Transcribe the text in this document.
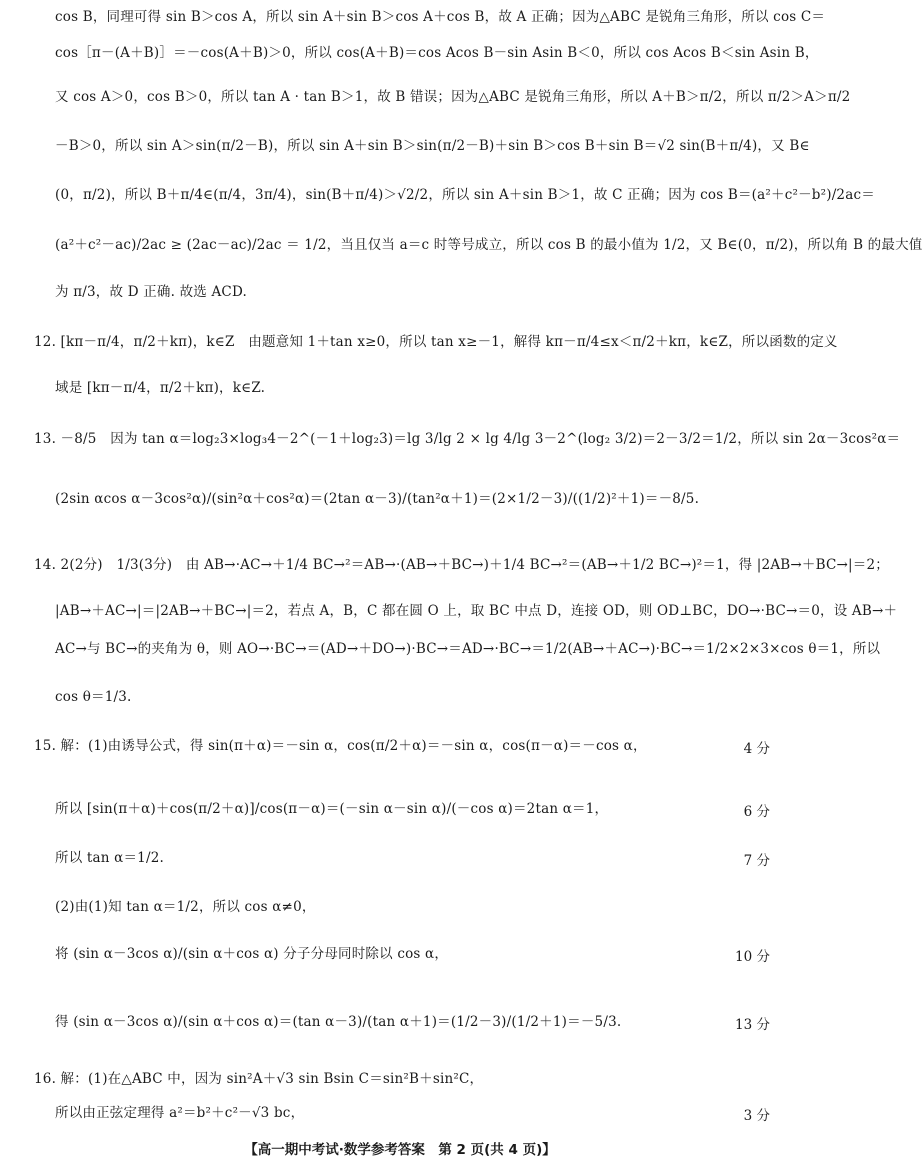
cos B，同理可得 sin B＞cos A，所以 sin A＋sin B＞cos A＋cos B，故 A 正确；因为△ABC 是锐角三角形，所以 cos C＝
cos［π－(A＋B)］＝－cos(A＋B)＞0，所以 cos(A＋B)＝cos Acos B－sin Asin B＜0，所以 cos Acos B＜sin Asin B，
又 cos A＞0，cos B＞0，所以 tan A · tan B＞1，故 B 错误；因为△ABC 是锐角三角形，所以 A＋B＞π/2，所以 π/2＞A＞π/2
－B＞0，所以 sin A＞sin(π/2－B)，所以 sin A＋sin B＞sin(π/2－B)＋sin B＞cos B＋sin B＝√2 sin(B＋π/4)，又 B∈
(0，π/2)，所以 B＋π/4∈(π/4，3π/4)，sin(B＋π/4)＞√2/2，所以 sin A＋sin B＞1，故 C 正确；因为 cos B＝(a²＋c²－b²)/2ac＝
(a²＋c²－ac)/2ac ≥ (2ac－ac)/2ac ＝ 1/2，当且仅当 a＝c 时等号成立，所以 cos B 的最小值为 1/2，又 B∈(0，π/2)，所以角 B 的最大值
为 π/3，故 D 正确. 故选 ACD.
12. [kπ－π/4，π/2＋kπ)，k∈Z　由题意知 1＋tan x≥0，所以 tan x≥－1，解得 kπ－π/4≤x＜π/2＋kπ，k∈Z，所以函数的定义
域是 [kπ－π/4，π/2＋kπ)，k∈Z.
13. －8/5　因为 tan α＝log₂3×log₃4－2^(－1＋log₂3)＝lg 3/lg 2 × lg 4/lg 3－2^(log₂ 3/2)＝2－3/2＝1/2，所以 sin 2α－3cos²α＝
(2sin αcos α－3cos²α)/(sin²α＋cos²α)＝(2tan α－3)/(tan²α＋1)＝(2×1/2－3)/((1/2)²＋1)＝－8/5.
14. 2(2分)　1/3(3分)　由 AB→·AC→＋1/4 BC→²＝AB→·(AB→＋BC→)＋1/4 BC→²＝(AB→＋1/2 BC→)²＝1，得 |2AB→＋BC→|＝2；
|AB→＋AC→|＝|2AB→＋BC→|＝2，若点 A，B，C 都在圆 O 上，取 BC 中点 D，连接 OD，则 OD⊥BC，DO→·BC→＝0，设 AB→＋
AC→与 BC→的夹角为 θ，则 AO→·BC→＝(AD→＋DO→)·BC→＝AD→·BC→＝1/2(AB→＋AC→)·BC→＝1/2×2×3×cos θ＝1，所以
cos θ＝1/3.
15. 解：(1)由诱导公式，得 sin(π＋α)＝－sin α，cos(π/2＋α)＝－sin α，cos(π－α)＝－cos α，	4 分
所以 [sin(π＋α)＋cos(π/2＋α)]/cos(π－α)＝(－sin α－sin α)/(－cos α)＝2tan α＝1，	6 分
所以 tan α＝1/2.	7 分
(2)由(1)知 tan α＝1/2，所以 cos α≠0，
将 (sin α－3cos α)/(sin α＋cos α) 分子分母同时除以 cos α，	10 分
得 (sin α－3cos α)/(sin α＋cos α)＝(tan α－3)/(tan α＋1)＝(1/2－3)/(1/2＋1)＝－5/3.	13 分
16. 解：(1)在△ABC 中，因为 sin²A＋√3 sin Bsin C＝sin²B＋sin²C，
所以由正弦定理得 a²＝b²＋c²－√3 bc，	3 分
【高一期中考试·数学参考答案　第 2 页(共 4 页)】
